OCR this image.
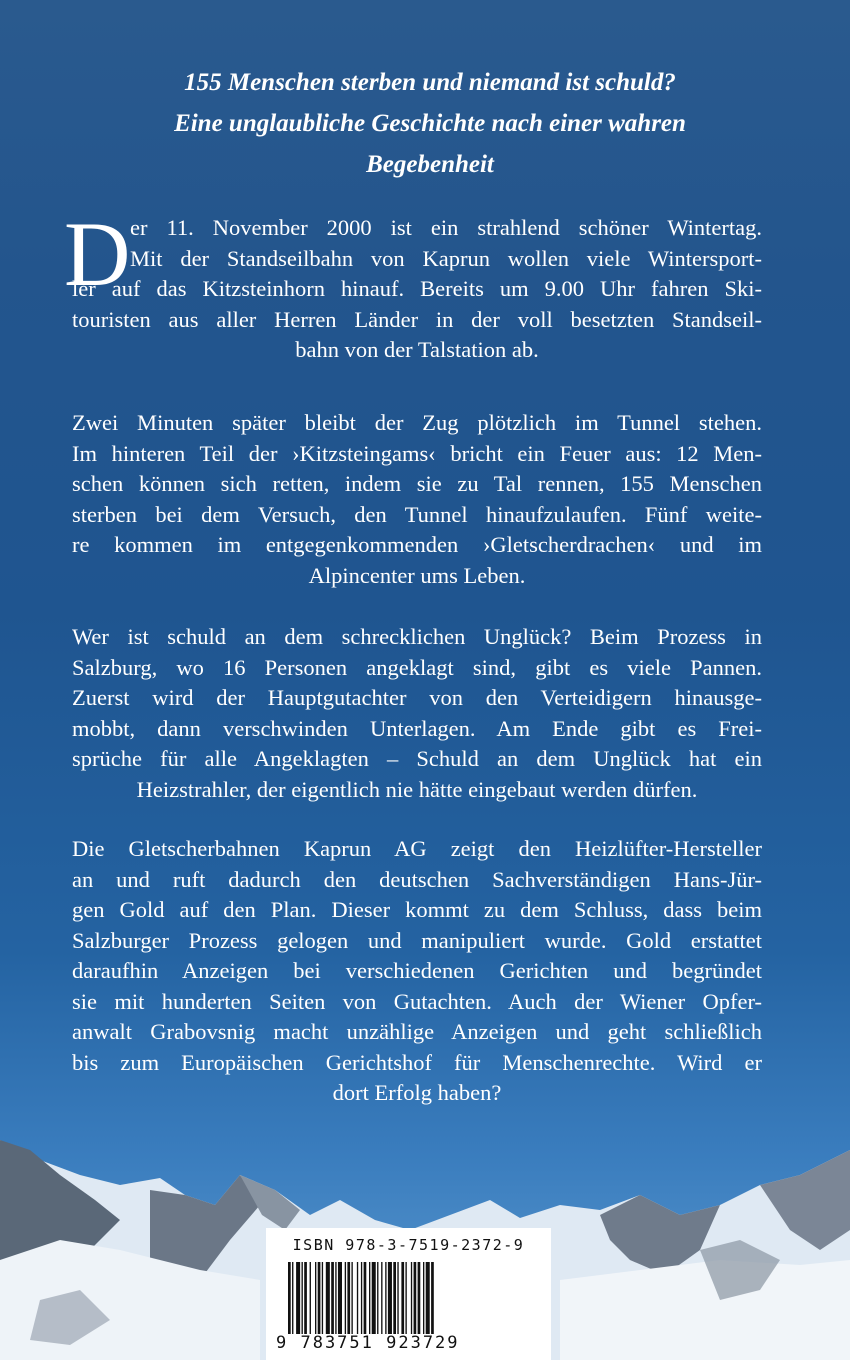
155 Menschen sterben und niemand ist schuld?
Eine unglaubliche Geschichte nach einer wahren
Begebenheit
D er 11. November 2000 ist ein strahlend schöner Wintertag.
Mit der Standseilbahn von Kaprun wollen viele Wintersport-
ler auf das Kitzsteinhorn hinauf. Bereits um 9.00 Uhr fahren Ski-
touristen aus aller Herren Länder in der voll besetzten Standseil-
bahn von der Talstation ab.
Zwei Minuten später bleibt der Zug plötzlich im Tunnel stehen.
Im hinteren Teil der ›Kitzsteingams‹ bricht ein Feuer aus: 12 Men-
schen können sich retten, indem sie zu Tal rennen, 155 Menschen
sterben bei dem Versuch, den Tunnel hinaufzulaufen. Fünf weite-
re kommen im entgegenkommenden ›Gletscherdrachen‹ und im
Alpincenter ums Leben.
Wer ist schuld an dem schrecklichen Unglück? Beim Prozess in
Salzburg, wo 16 Personen angeklagt sind, gibt es viele Pannen.
Zuerst wird der Hauptgutachter von den Verteidigern hinausge-
mobbt, dann verschwinden Unterlagen. Am Ende gibt es Frei-
sprüche für alle Angeklagten – Schuld an dem Unglück hat ein
Heizstrahler, der eigentlich nie hätte eingebaut werden dürfen.
Die Gletscherbahnen Kaprun AG zeigt den Heizlüfter-Hersteller
an und ruft dadurch den deutschen Sachverständigen Hans-Jür-
gen Gold auf den Plan. Dieser kommt zu dem Schluss, dass beim
Salzburger Prozess gelogen und manipuliert wurde. Gold erstattet
daraufhin Anzeigen bei verschiedenen Gerichten und begründet
sie mit hunderten Seiten von Gutachten. Auch der Wiener Opfer-
anwalt Grabovsnig macht unzählige Anzeigen und geht schließlich
bis zum Europäischen Gerichtshof für Menschenrechte. Wird er
dort Erfolg haben?
ISBN 978-3-7519-2372-9
9 783751 923729
